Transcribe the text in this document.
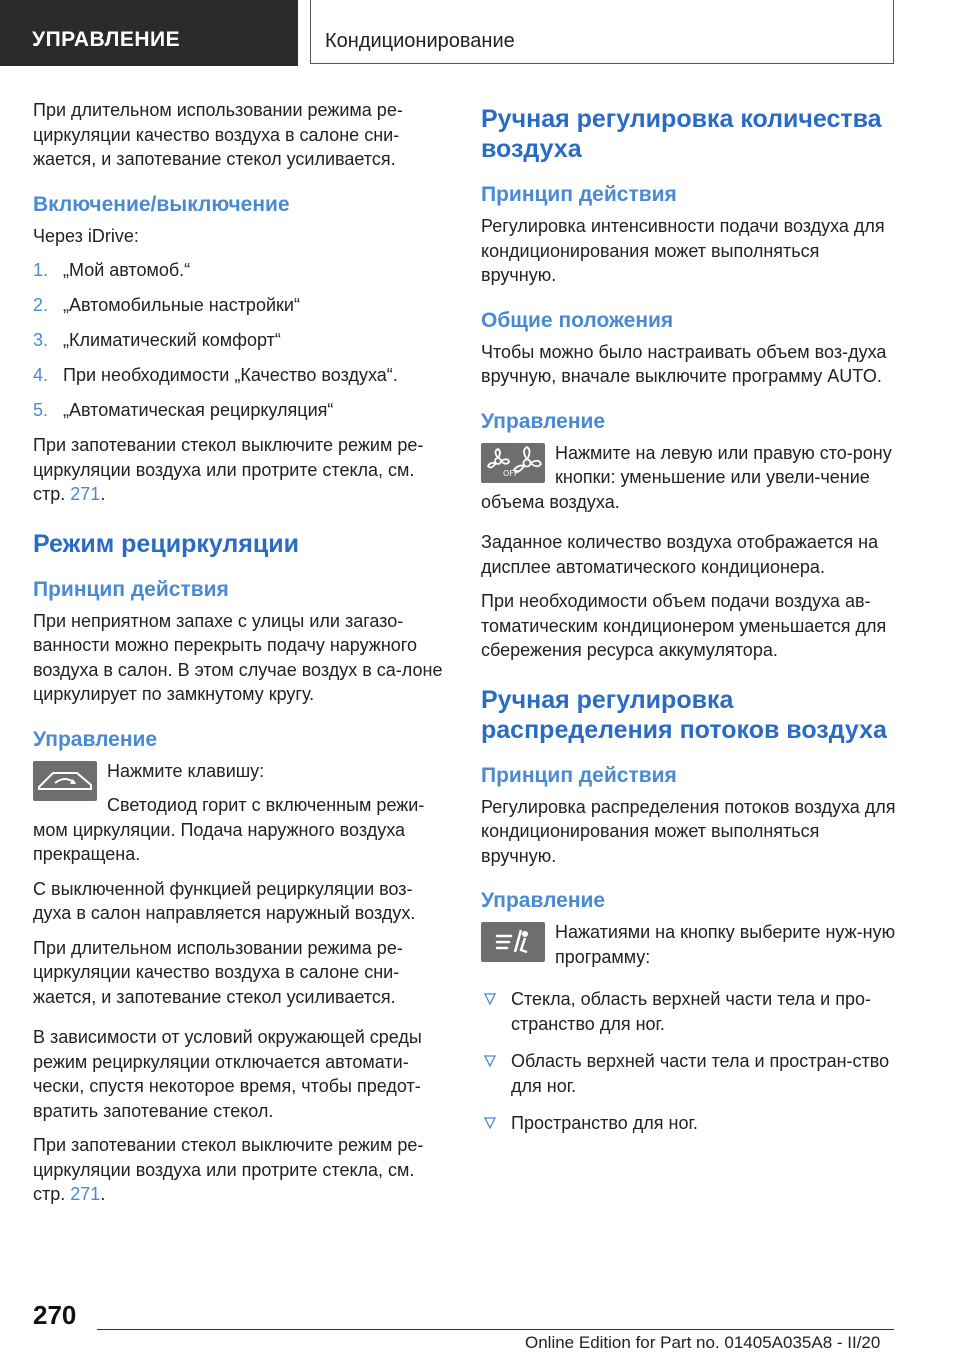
УПРАВЛЕНИЕ	Кондиционирование

При длительном использовании режима ре-циркуляции качество воздуха в салоне сни-жается, и запотевание стекол усиливается.

Включение/выключение

Через iDrive:

1. „Мой автомоб.“
2. „Автомобильные настройки“
3. „Климатический комфорт“
4. При необходимости „Качество воздуха“.
5. „Автоматическая рециркуляция“

При запотевании стекол выключите режим ре-циркуляции воздуха или протрите стекла, см. стр. 271.

Режим рециркуляции
Принцип действия

При неприятном запахе с улицы или загазо-ванности можно перекрыть подачу наружного воздуха в салон. В этом случае воздух в са-лоне циркулирует по замкнутому кругу.

Управление

Нажмите клавишу:

Светодиод горит с включенным режи-мом циркуляции. Подача наружного воздуха прекращена.

С выключенной функцией рециркуляции воз-духа в салон направляется наружный воздух.

При длительном использовании режима ре-циркуляции качество воздуха в салоне сни-жается, и запотевание стекол усиливается.

В зависимости от условий окружающей среды режим рециркуляции отключается автомати-чески, спустя некоторое время, чтобы предот-вратить запотевание стекол.

При запотевании стекол выключите режим ре-циркуляции воздуха или протрите стекла, см. стр. 271.

Ручная регулировка количества воздуха
Принцип действия

Регулировка интенсивности подачи воздуха для кондиционирования может выполняться вручную.

Общие положения

Чтобы можно было настраивать объем воз-духа вручную, вначале выключите программу AUTO.

Управление
OFF

Нажмите на левую или правую сто-рону кнопки: уменьшение или увели-чение объема воздуха.

Заданное количество воздуха отображается на дисплее автоматического кондиционера.

При необходимости объем подачи воздуха ав-томатическим кондиционером уменьшается для сбережения ресурса аккумулятора.

Ручная регулировка распределения потоков воздуха
Принцип действия

Регулировка распределения потоков воздуха для кондиционирования может выполняться вручную.

Управление

Нажатиями на кнопку выберите нуж-ную программу:

Стекла, область верхней части тела и про-странство для ног.
Область верхней части тела и простран-ство для ног.
Пространство для ног.
270
Online Edition for Part no. 01405A035A8 - II/20
